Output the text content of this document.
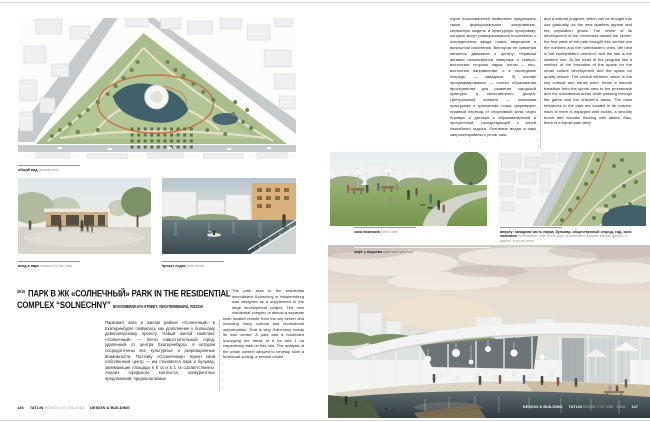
общий вид general view
вход в парк entrance to the park	прокат лодок boat rental
$^{2015}$ ПАРК В ЖК «СОЛНЕЧНЫЙ» PARK IN THE RESIDENTIAL COMPLEX “SOLNECHNY” NOVOSIBIRSKAYA STREET, YEKATERINBURG, RUSSIA
Парковая зона в жилом районе «Солнечный» в Екатеринбурге появилась как дополнение к большому девелоперскому проекту. Новый жилой комплекс «Солнечный» — почти самостоятельный город, удаленный от центра Екатеринбурга, в котором сосредоточены все культурные и рекреационные возможности. Поэтому «Солнечному» нужен свой собственный центр — им становятся парк и бульвар, занимающие площади в 6 га и в 1 га соответственно. Анализ городского контекста, конкурентных предложений, предполагаемых
The park area in the residential microdistrict Solnechny in Yekaterinburg was designed as a supplement to the large development project. The new residential complex is almost a separate town located remote from the city center and including many cultural and recreational opportunities. That is why Solnechny needs its own center. A park and a boulevard occupying the areas of 6 ha and 1 ha respectively take on this role. The analysis of the urban context allowed to develop such a functional zoning, a service model
146 TATLIN MONO 1·47·156 2016 DESIGN & BUILDING
групп пользователей позволили предложить такое функциональное зонирование, сервисную модель и культурную программу, которые могут разворачиваться постепенно с очередностью ввода новых кварталов и приростом населения. Вектором ее освоения является движение к центру: первыми активно используются северные и северо-восточные стороны парка, потом — юго-восточное направление, и в последнюю очередь — западные. В основе программирования — синтез образования пространства для развития городской культуры и качественного досуга. Центральный элемент — ключевая культурная и транзитная точка, формируют плавный переход от спортивной зоны через игровую и детскую к образовательной и прогулочной, соседствующей с зоной спокойного отдыха. Основные входы в парк запроектированы с углов, каж-
and a cultural program, which can be brought into use gradually, as the new quarters appear and the population grows. The vector of its development is the movement toward the center: the first parts of the park brought into service are the northern and the northeastern ones, the next is the southeastern direction, and the last is the western one. At the heart of the program lies a method of the formation of the space for the urban culture development and the space for quality leisure. The central element, which is the key cultural and transit point, forms a smooth transition from the sports area to the promenade and the educational areas while passing through the game and the children’s areas. The main entrances to the park are located in its corners; each of them is equipped with kiosks, a security booth and wooden flooring with tables. Also, there is a transit park alley
зона пикников picnic area	вверху: западная часть парка: бульвар, общественный огород, сад, зона пикников northwestern part of the park, a boulevard, a public kitchen garden, a garden, a picnic area
кафе у водоема café near the pond
DESIGN & BUILDING TATLIN MONO 1·47·156 · 2016 147
